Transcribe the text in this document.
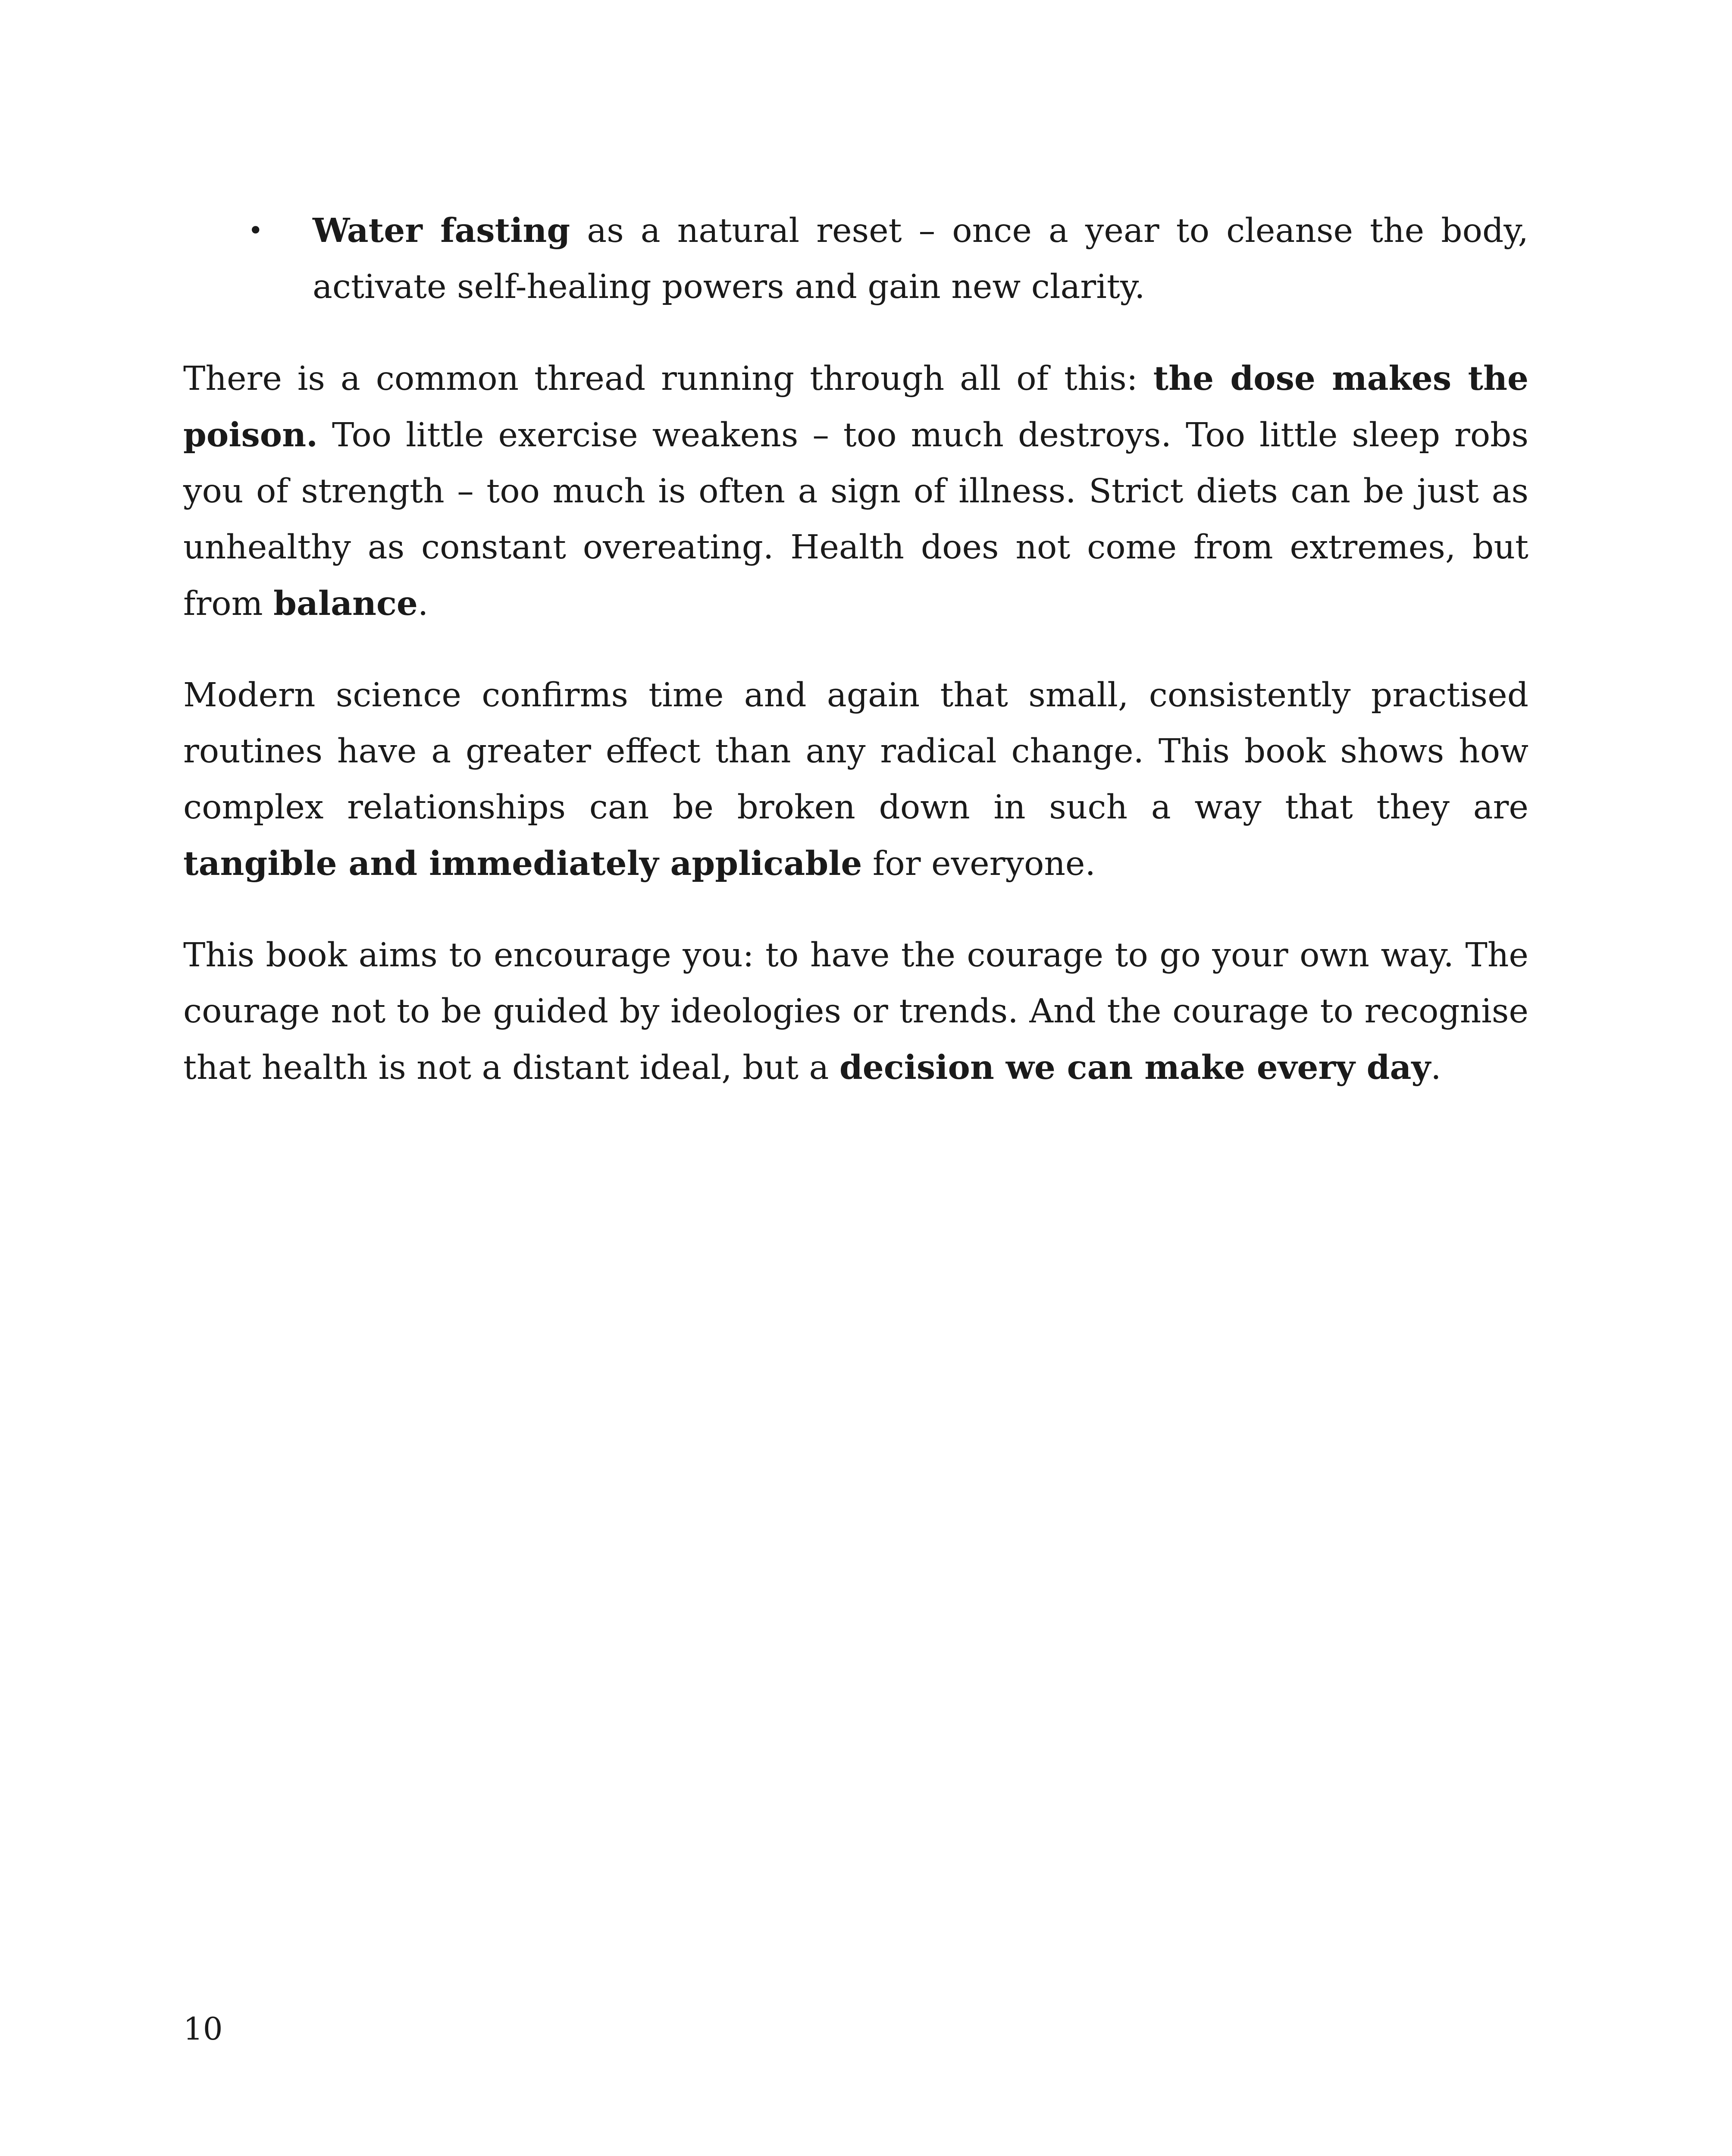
• Water fasting as a natural reset – once a year to cleanse the body, activate self-healing powers and gain new clarity.

There is a common thread running through all of this: the dose makes the poison. Too little exercise weakens – too much destroys. Too little sleep robs you of strength – too much is often a sign of illness. Strict diets can be just as unhealthy as constant overeating. Health does not come from extremes, but from balance.

Modern science confirms time and again that small, consistently practised routines have a greater effect than any radical change. This book shows how complex relationships can be broken down in such a way that they are tangible and immediately applicable for everyone.

This book aims to encourage you: to have the courage to go your own way. The courage not to be guided by ideologies or trends. And the courage to recognise that health is not a distant ideal, but a decision we can make every day.

10
